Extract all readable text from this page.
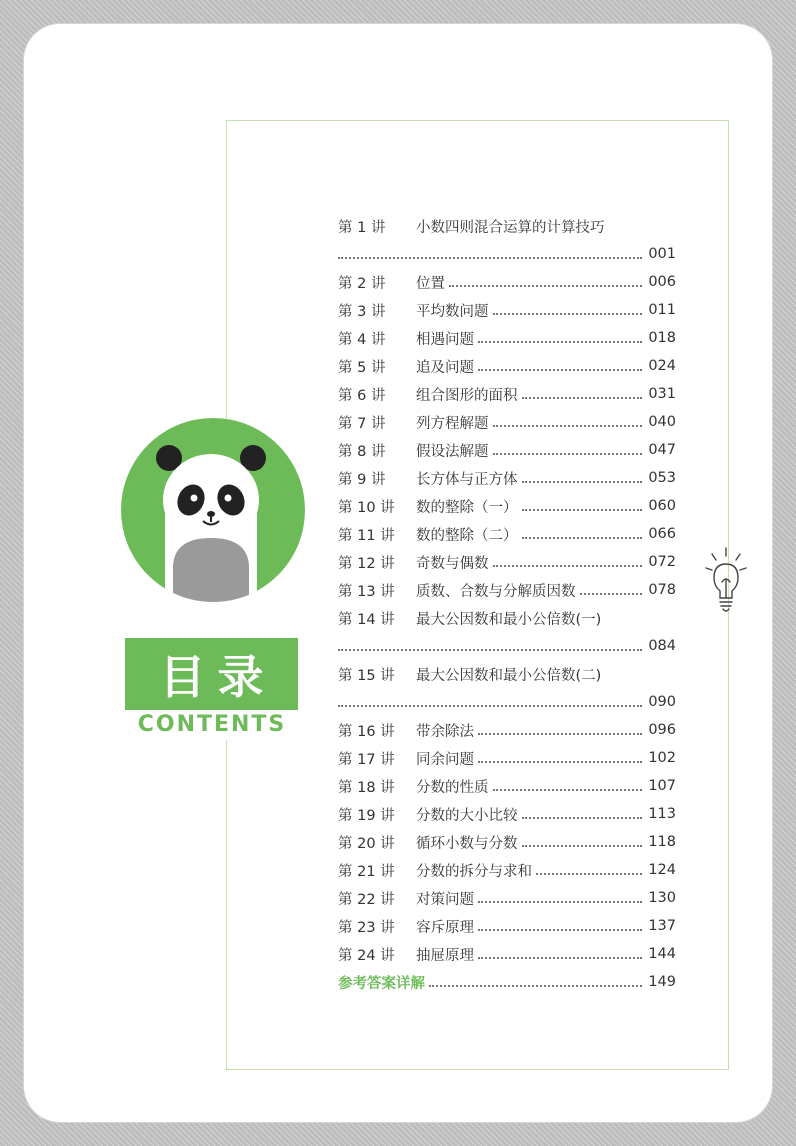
目录
CONTENTS
第 1 讲	小数四则混合运算的计算技巧
001
第 2 讲	位置	006
第 3 讲	平均数问题	011
第 4 讲	相遇问题	018
第 5 讲	追及问题	024
第 6 讲	组合图形的面积	031
第 7 讲	列方程解题	040
第 8 讲	假设法解题	047
第 9 讲	长方体与正方体	053
第 10 讲	数的整除（一）	060
第 11 讲	数的整除（二）	066
第 12 讲	奇数与偶数	072
第 13 讲	质数、合数与分解质因数	078
第 14 讲	最大公因数和最小公倍数(一)
084
第 15 讲	最大公因数和最小公倍数(二)
090
第 16 讲	带余除法	096
第 17 讲	同余问题	102
第 18 讲	分数的性质	107
第 19 讲	分数的大小比较	113
第 20 讲	循环小数与分数	118
第 21 讲	分数的拆分与求和	124
第 22 讲	对策问题	130
第 23 讲	容斥原理	137
第 24 讲	抽屉原理	144
参考答案详解	149
